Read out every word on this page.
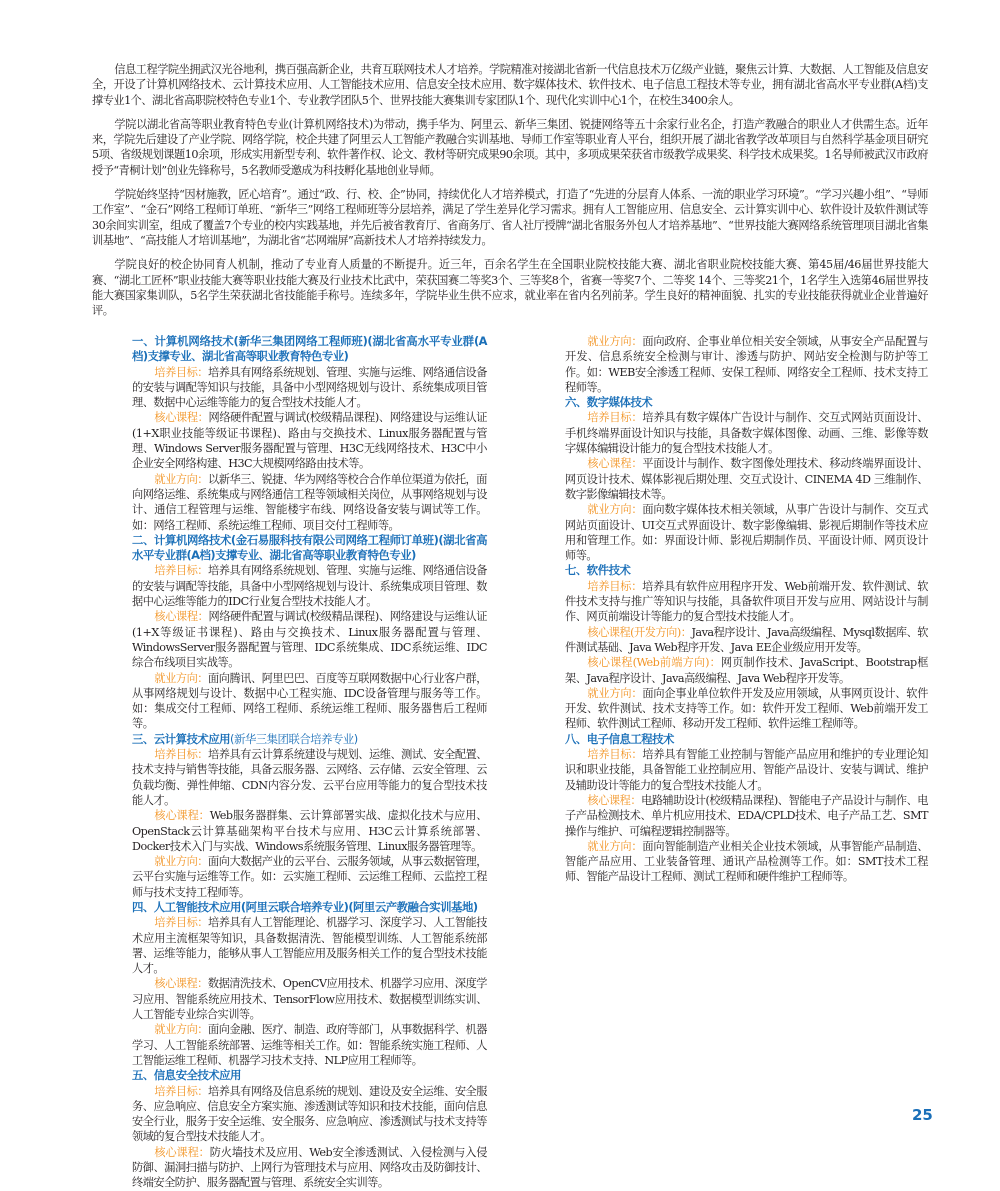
信息工程学院坐拥武汉光谷地利，携百强高新企业，共育互联网技术人才培养。学院精准对接湖北省新一代信息技术万亿级产业链，聚焦云计算、大数据、人工智能及信息安全，开设了计算机网络技术、云计算技术应用、人工智能技术应用、信息安全技术应用、数字媒体技术、软件技术、电子信息工程技术等专业，拥有湖北省高水平专业群(A档)支撑专业1个、湖北省高职院校特色专业1个、专业教学团队5个、世界技能大赛集训专家团队1个、现代化实训中心1个，在校生3400余人。

学院以湖北省高等职业教育特色专业(计算机网络技术)为带动，携手华为、阿里云、新华三集团、锐捷网络等五十余家行业名企，打造产教融合的职业人才供需生态。近年来，学院先后建设了产业学院、网络学院，校企共建了阿里云人工智能产教融合实训基地、导师工作室等职业育人平台，组织开展了湖北省教学改革项目与自然科学基金项目研究5项、省级规划课题10余项，形成实用新型专利、软件著作权、论文、教材等研究成果90余项。其中，多项成果荣获省市级教学成果奖、科学技术成果奖。1名导师被武汉市政府授予“青桐计划”创业先锋称号，5名教师受邀成为科技孵化基地创业导师。

学院始终坚持“因材施教，匠心培育”。通过“政、行、校、企”协同，持续优化人才培养模式，打造了“先进的分层育人体系、一流的职业学习环境”。“学习兴趣小组”、“导师工作室”、“金石”网络工程师订单班、“新华三”网络工程师班等分层培养，满足了学生差异化学习需求。拥有人工智能应用、信息安全、云计算实训中心、软件设计及软件测试等30余间实训室，组成了覆盖7个专业的校内实践基地，并先后被省教育厅、省商务厅、省人社厅授牌“湖北省服务外包人才培养基地”、“世界技能大赛网络系统管理项目湖北省集训基地”、“高技能人才培训基地”，为湖北省“芯网端屏”高新技术人才培养持续发力。

学院良好的校企协同育人机制，推动了专业育人质量的不断提升。近三年，百余名学生在全国职业院校技能大赛、湖北省职业院校技能大赛、第45届/46届世界技能大赛、“湖北工匠杯”职业技能大赛等职业技能大赛及行业技术比武中，荣获国赛二等奖3个、三等奖8个，省赛一等奖7个、二等奖 14个、三等奖21个，1名学生入选第46届世界技能大赛国家集训队，5名学生荣获湖北省技能能手称号。连续多年，学院毕业生供不应求，就业率在省内名列前茅。学生良好的精神面貌、扎实的专业技能获得就业企业普遍好评。

一、计算机网络技术(新华三集团网络工程师班)(湖北省高水平专业群(A档)支撑专业、湖北省高等职业教育特色专业)

培养目标：培养具有网络系统规划、管理、实施与运维、网络通信设备的安装与调配等知识与技能，具备中小型网络规划与设计、系统集成项目管理、数据中心运维等能力的复合型技术技能人才。

核心课程：网络硬件配置与调试(校级精品课程)、网络建设与运维认证(1+X职业技能等级证书课程)、路由与交换技术、Linux服务器配置与管理、Windows Server服务器配置与管理、H3C无线网络技术、H3C中小企业安全网络构建、H3C大规模网络路由技术等。

就业方向：以新华三、锐捷、华为网络等校合合作单位渠道为依托，面向网络运维、系统集成与网络通信工程等领域相关岗位，从事网络规划与设计、通信工程管理与运维、智能楼宇布线、网络设备安装与调试等工作。如：网络工程师、系统运维工程师、项目交付工程师等。

二、计算机网络技术(金石易服科技有限公司网络工程师订单班)(湖北省高水平专业群(A档)支撑专业、湖北省高等职业教育特色专业)

培养目标：培养具有网络系统规划、管理、实施与运维、网络通信设备的安装与调配等技能，具备中小型网络规划与设计、系统集成项目管理、数据中心运维等能力的IDC行业复合型技术技能人才。

核心课程：网络硬件配置与调试(校级精品课程)、网络建设与运维认证(1+X等级证书课程)、路由与交换技术、Linux服务器配置与管理、WindowsServer服务器配置与管理、IDC系统集成、IDC系统运维、IDC综合布线项目实战等。

就业方向：面向腾讯、阿里巴巴、百度等互联网数据中心行业客户群，从事网络规划与设计、数据中心工程实施、IDC设备管理与服务等工作。如：集成交付工程师、网络工程师、系统运维工程师、服务器售后工程师等。

三、云计算技术应用(新华三集团联合培养专业)

培养目标：培养具有云计算系统建设与规划、运维、测试、安全配置、技术支持与销售等技能，具备云服务器、云网络、云存储、云安全管理、云负载均衡、弹性伸缩、CDN内容分发、云平台应用等能力的复合型技术技能人才。

核心课程：Web服务器群集、云计算部署实战、虚拟化技术与应用、OpenStack云计算基础架构平台技术与应用、H3C云计算系统部署、Docker技术入门与实战、Windows系统服务管理、Linux服务器管理等。

就业方向：面向大数据产业的云平台、云服务领域，从事云数据管理，云平台实施与运维等工作。如：云实施工程师、云运维工程师、云监控工程师与技术支持工程师等。

四、人工智能技术应用(阿里云联合培养专业)(阿里云产教融合实训基地)

培养目标：培养具有人工智能理论、机器学习、深度学习、人工智能技术应用主流框架等知识，具备数据清洗、智能模型训练、人工智能系统部署、运维等能力，能够从事人工智能应用及服务相关工作的复合型技术技能人才。

核心课程：数据清洗技术、OpenCV应用技术、机器学习应用、深度学习应用、智能系统应用技术、TensorFlow应用技术、数据模型训练实训、人工智能专业综合实训等。

就业方向：面向金融、医疗、制造、政府等部门，从事数据科学、机器学习、人工智能系统部署、运维等相关工作。如：智能系统实施工程师、人工智能运维工程师、机器学习技术支持、NLP应用工程师等。

五、信息安全技术应用

培养目标：培养具有网络及信息系统的规划、建设及安全运维、安全服务、应急响应、信息安全方案实施、渗透测试等知识和技术技能，面向信息安全行业，服务于安全运维、安全服务、应急响应、渗透测试与技术支持等领域的复合型技术技能人才。

核心课程：防火墙技术及应用、Web安全渗透测试、入侵检测与入侵防御、漏洞扫描与防护、上网行为管理技术与应用、网络攻击及防御技计、终端安全防护、服务器配置与管理、系统安全实训等。

就业方向：面向政府、企事业单位相关安全领域，从事安全产品配置与开发、信息系统安全检测与审计、渗透与防护、网站安全检测与防护等工作。如：WEB安全渗透工程师、安保工程师、网络安全工程师、技术支持工程师等。

六、数字媒体技术

培养目标：培养具有数字媒体广告设计与制作、交互式网站页面设计、手机终端界面设计知识与技能，具备数字媒体图像、动画、三维、影像等数字媒体编辑设计能力的复合型技术技能人才。

核心课程：平面设计与制作、数字图像处理技术、移动终端界面设计、网页设计技术、媒体影视后期处理、交互式设计、CINEMA 4D 三维制作、数字影像编辑技术等。

就业方向：面向数字媒体技术相关领域，从事广告设计与制作、交互式网站页面设计、UI交互式界面设计、数字影像编辑、影视后期制作等技术应用和管理工作。如：界面设计师、影视后期制作员、平面设计师、网页设计师等。

七、软件技术

培养目标：培养具有软件应用程序开发、Web前端开发、软件测试、软件技术支持与推广等知识与技能，具备软件项目开发与应用、网站设计与制作、网页前端设计等能力的复合型技术技能人才。

核心课程(开发方向)：Java程序设计、Java高级编程、Mysql数据库、软件测试基础、Java Web程序开发、Java EE企业级应用开发等。

核心课程(Web前端方向)：网页制作技术、JavaScript、Bootstrap框架、Java程序设计、Java高级编程、Java Web程序开发等。

就业方向：面向企事业单位软件开发及应用领域，从事网页设计、软件开发、软件测试、技术支持等工作。如：软件开发工程师、Web前端开发工程师、软件测试工程师、移动开发工程师、软件运维工程师等。

八、电子信息工程技术

培养目标：培养具有智能工业控制与智能产品应用和维护的专业理论知识和职业技能，具备智能工业控制应用、智能产品设计、安装与调试、维护及辅助设计等能力的复合型技术技能人才。

核心课程：电路辅助设计(校级精品课程)、智能电子产品设计与制作、电子产品检测技术、单片机应用技术、EDA/CPLD技术、电子产品工艺、SMT操作与维护、可编程逻辑控制器等。

就业方向：面向智能制造产业相关企业技术领域，从事智能产品制造、智能产品应用、工业装备管理、通讯产品检测等工作。如：SMT技术工程师、智能产品设计工程师、测试工程师和硬件维护工程师等。

25
